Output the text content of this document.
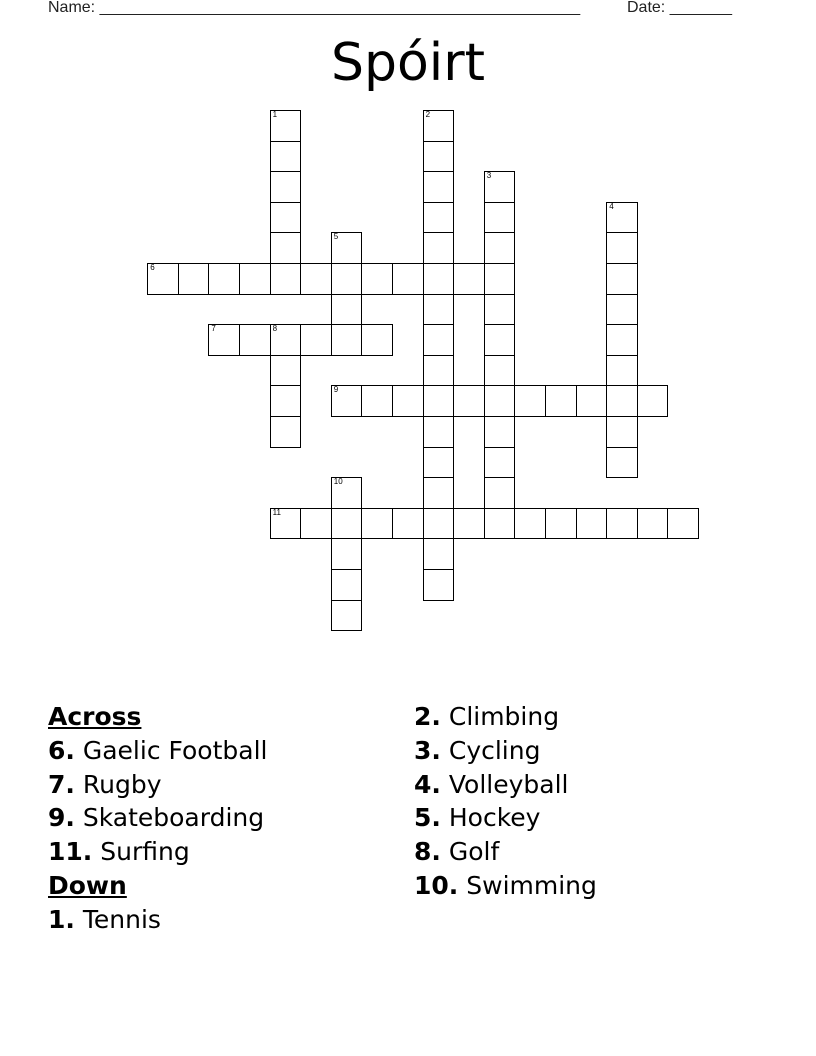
Name: ______________________________________________________	Date: _______
Spóirt
1
8
2
3
4
5
6
7
9
10
11
Across
6. Gaelic Football
7. Rugby
9. Skateboarding
11. Surfing
Down
1. Tennis
2. Climbing
3. Cycling
4. Volleyball
5. Hockey
8. Golf
10. Swimming
